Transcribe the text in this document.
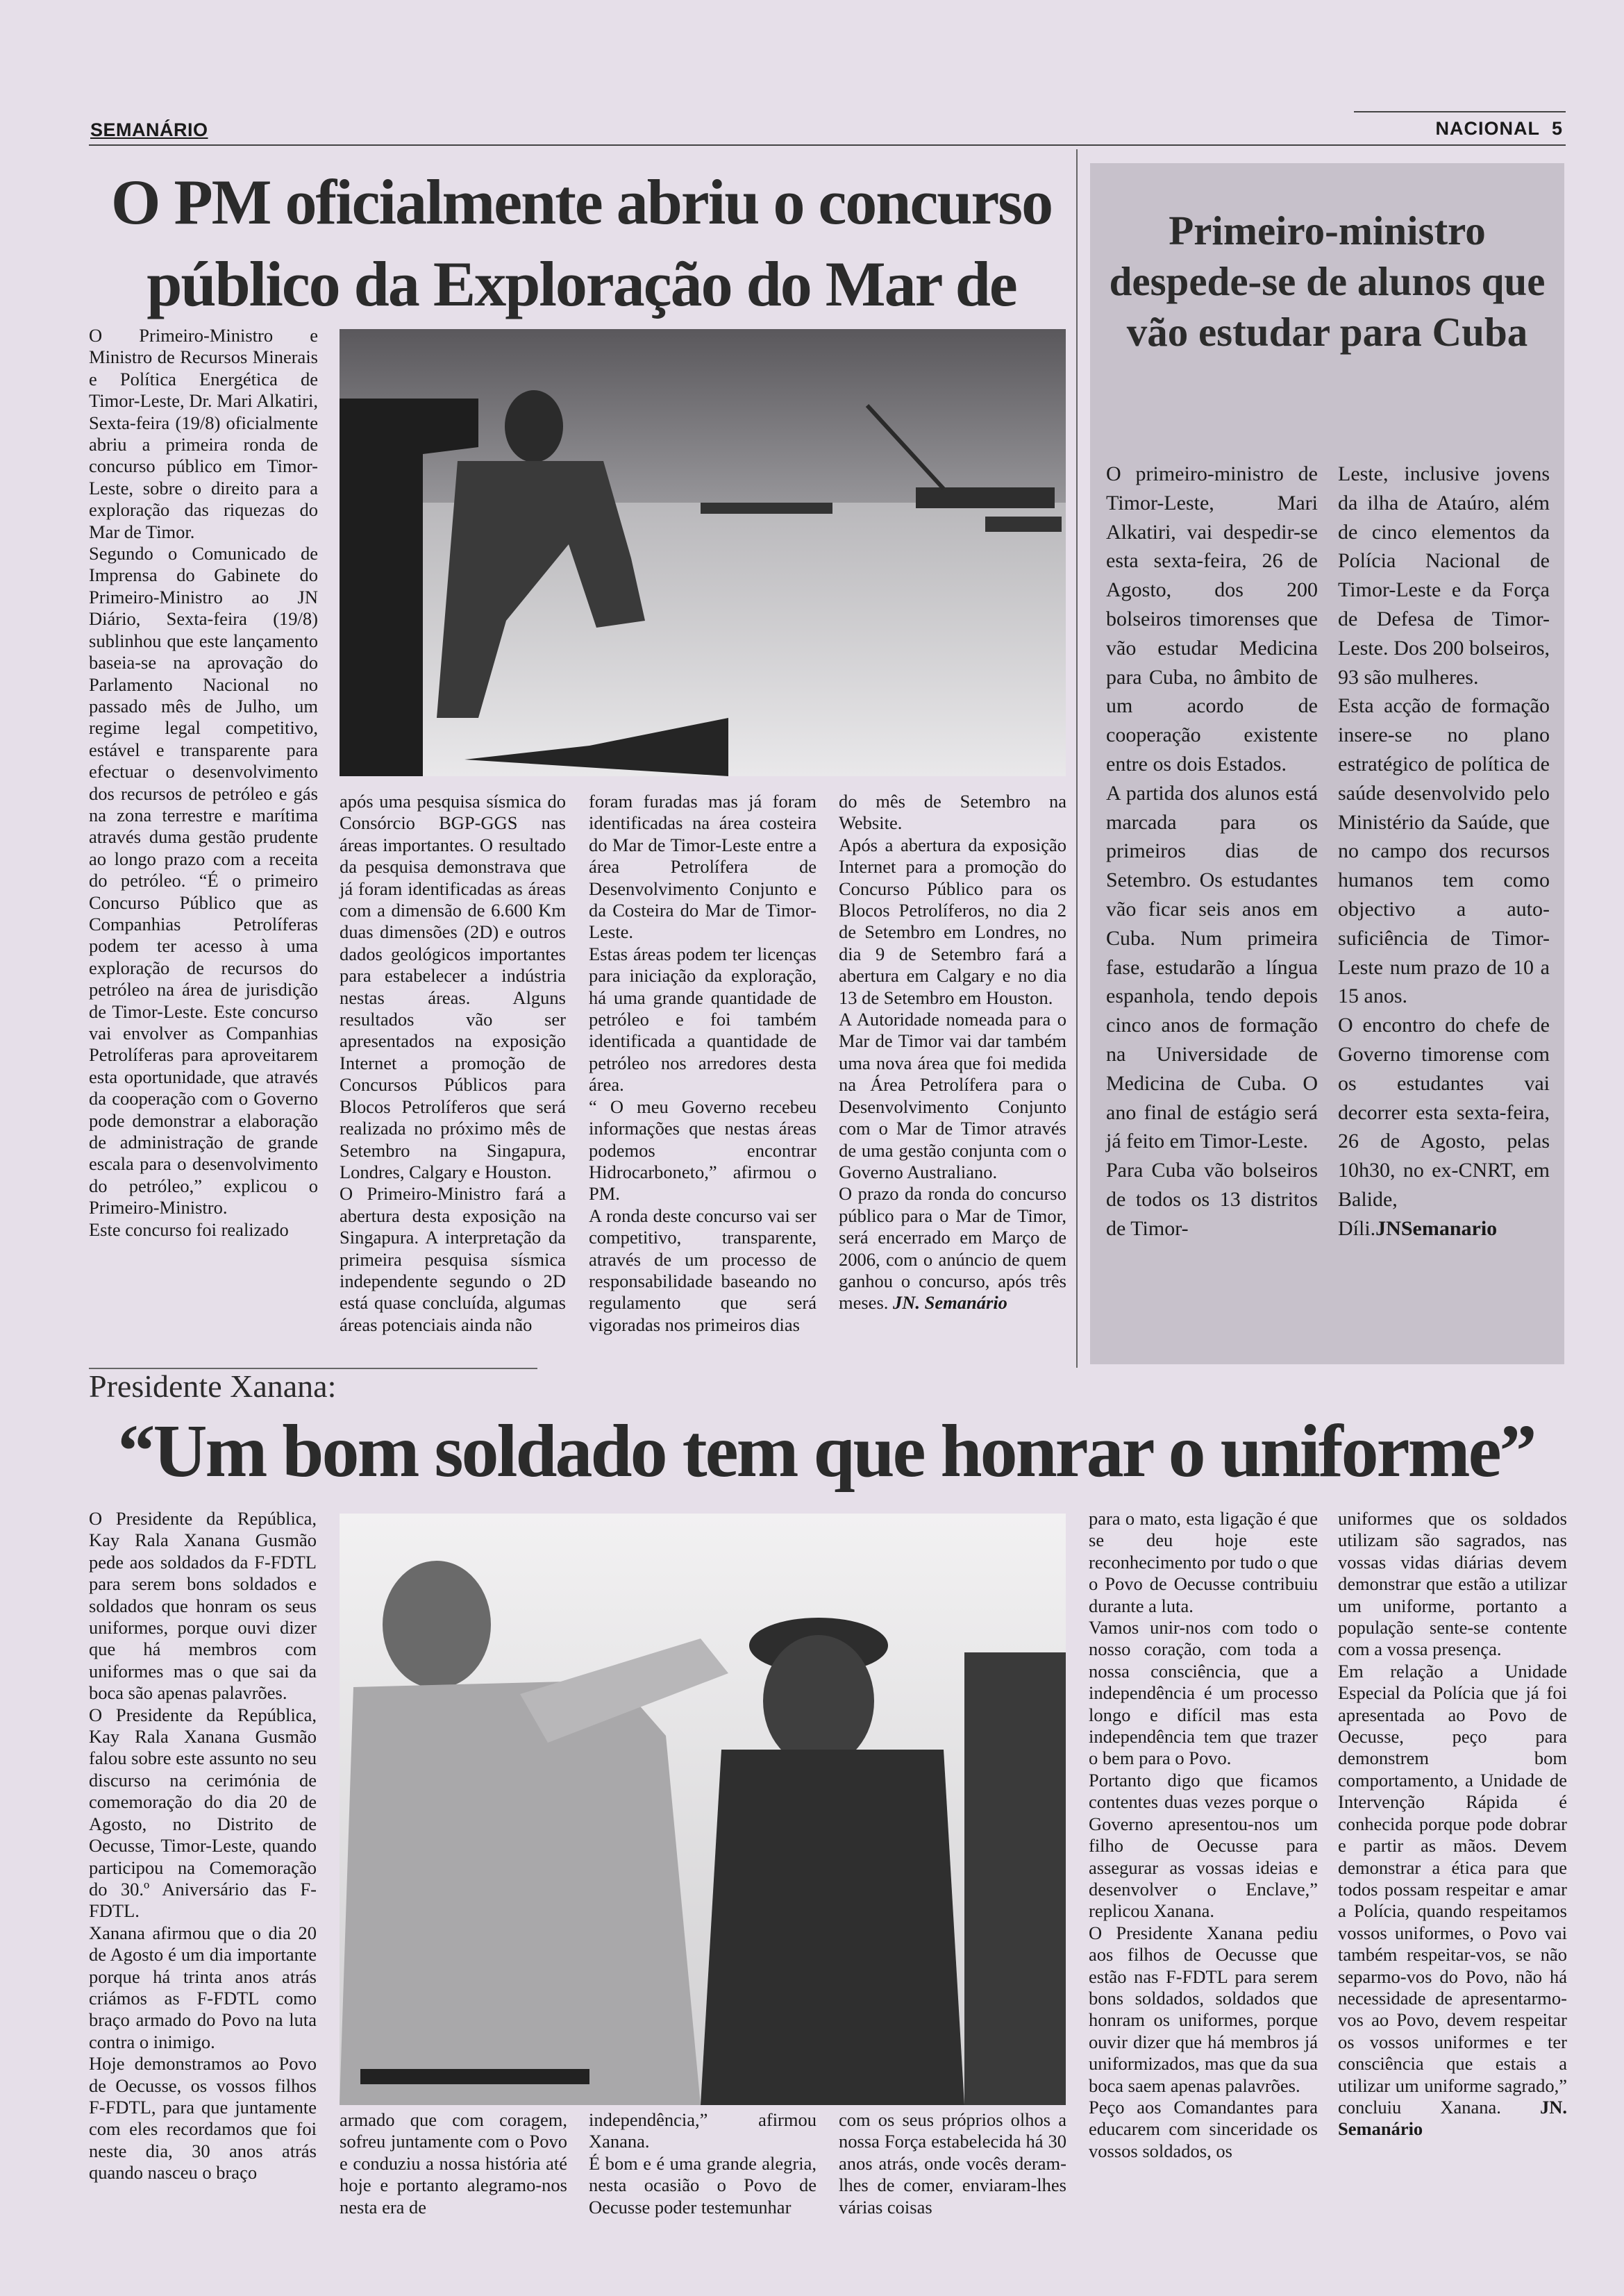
SEMANÁRIO	NACIONAL 5
O PM oficialmente abriu o concurso público da Exploração do Mar de

O Primeiro-Ministro e Ministro de Recursos Minerais e Política Energética de Timor-Leste, Dr. Mari Alkatiri, Sexta-feira (19/8) oficialmente abriu a primeira ronda de concurso público em Timor-Leste, sobre o direito para a exploração das riquezas do Mar de Timor.

Segundo o Comunicado de Imprensa do Gabinete do Primeiro-Ministro ao JN Diário, Sexta-feira (19/8) sublinhou que este lançamento baseia-se na aprovação do Parlamento Nacional no passado mês de Julho, um regime legal competitivo, estável e transparente para efectuar o desenvolvimento dos recursos de petróleo e gás na zona terrestre e marítima através duma gestão prudente ao longo prazo com a receita do petróleo. “É o primeiro Concurso Público que as Companhias Petrolíferas podem ter acesso à uma exploração de recursos do petróleo na área de jurisdição de Timor-Leste. Este concurso vai envolver as Companhias Petrolíferas para aproveitarem esta oportunidade, que através da cooperação com o Governo pode demonstrar a elaboração de administração de grande escala para o desenvolvimento do petróleo,” explicou o Primeiro-Ministro.

Este concurso foi realizado

após uma pesquisa sísmica do Consórcio BGP-GGS nas áreas importantes. O resultado da pesquisa demonstrava que já foram identificadas as áreas com a dimensão de 6.600 Km duas dimensões (2D) e outros dados geológicos importantes para estabelecer a indústria nestas áreas. Alguns resultados vão ser apresentados na exposição Internet a promoção de Concursos Públicos para Blocos Petrolíferos que será realizada no próximo mês de Setembro na Singapura, Londres, Calgary e Houston.

O Primeiro-Ministro fará a abertura desta exposição na Singapura. A interpretação da primeira pesquisa sísmica independente segundo o 2D está quase concluída, algumas áreas potenciais ainda não

foram furadas mas já foram identificadas na área costeira do Mar de Timor-Leste entre a área Petrolífera de Desenvolvimento Conjunto e da Costeira do Mar de Timor-Leste.

Estas áreas podem ter licenças para iniciação da exploração, há uma grande quantidade de petróleo e foi também identificada a quantidade de petróleo nos arredores desta área.

“ O meu Governo recebeu informações que nestas áreas podemos encontrar Hidrocarboneto,” afirmou o PM.

A ronda deste concurso vai ser competitivo, transparente, através de um processo de responsabilidade baseando no regulamento que será vigoradas nos primeiros dias

do mês de Setembro na Website.

Após a abertura da exposição Internet para a promoção do Concurso Público para os Blocos Petrolíferos, no dia 2 de Setembro em Londres, no dia 9 de Setembro fará a abertura em Calgary e no dia 13 de Setembro em Houston.

A Autoridade nomeada para o Mar de Timor vai dar também uma nova área que foi medida na Área Petrolífera para o Desenvolvimento Conjunto com o Mar de Timor através de uma gestão conjunta com o Governo Australiano.

O prazo da ronda do concurso público para o Mar de Timor, será encerrado em Março de 2006, com o anúncio de quem ganhou o concurso, após três meses. JN. Semanário

Primeiro-ministro despede-se de alunos que vão estudar para Cuba

O primeiro-ministro de Timor-Leste, Mari Alkatiri, vai despedir-se esta sexta-feira, 26 de Agosto, dos 200 bolseiros timorenses que vão estudar Medicina para Cuba, no âmbito de um acordo de cooperação existente entre os dois Estados.

A partida dos alunos está marcada para os primeiros dias de Setembro. Os estudantes vão ficar seis anos em Cuba. Num primeira fase, estudarão a língua espanhola, tendo depois cinco anos de formação na Universidade de Medicina de Cuba. O ano final de estágio será já feito em Timor-Leste.

Para Cuba vão bolseiros de todos os 13 distritos de Timor-

Leste, inclusive jovens da ilha de Ataúro, além de cinco elementos da Polícia Nacional de Timor-Leste e da Força de Defesa de Timor-Leste. Dos 200 bolseiros, 93 são mulheres.

Esta acção de formação insere-se no plano estratégico de política de saúde desenvolvido pelo Ministério da Saúde, que no campo dos recursos humanos tem como objectivo a auto-suficiência de Timor-Leste num prazo de 10 a 15 anos.

O encontro do chefe de Governo timorense com os estudantes vai decorrer esta sexta-feira, 26 de Agosto, pelas 10h30, no ex-CNRT, em Balide, Díli.JNSemanario

Presidente Xanana:
“Um bom soldado tem que honrar o uniforme”

O Presidente da República, Kay Rala Xanana Gusmão pede aos soldados da F-FDTL para serem bons soldados e soldados que honram os seus uniformes, porque ouvi dizer que há membros com uniformes mas o que sai da boca são apenas palavrões.

O Presidente da República, Kay Rala Xanana Gusmão falou sobre este assunto no seu discurso na cerimónia de comemoração do dia 20 de Agosto, no Distrito de Oecusse, Timor-Leste, quando participou na Comemoração do 30.º Aniversário das F-FDTL.

Xanana afirmou que o dia 20 de Agosto é um dia importante porque há trinta anos atrás criámos as F-FDTL como braço armado do Povo na luta contra o inimigo.

Hoje demonstramos ao Povo de Oecusse, os vossos filhos F-FDTL, para que juntamente com eles recordamos que foi neste dia, 30 anos atrás quando nasceu o braço

armado que com coragem, sofreu juntamente com o Povo e conduziu a nossa história até hoje e portanto alegramo-nos nesta era de

independência,” afirmou Xanana.

É bom e é uma grande alegria, nesta ocasião o Povo de Oecusse poder testemunhar

com os seus próprios olhos a nossa Força estabelecida há 30 anos atrás, onde vocês deram-lhes de comer, enviaram-lhes várias coisas

para o mato, esta ligação é que se deu hoje este reconhecimento por tudo o que o Povo de Oecusse contribuiu durante a luta.

Vamos unir-nos com todo o nosso coração, com toda a nossa consciência, que a independência é um processo longo e difícil mas esta independência tem que trazer o bem para o Povo.

Portanto digo que ficamos contentes duas vezes porque o Governo apresentou-nos um filho de Oecusse para assegurar as vossas ideias e desenvolver o Enclave,” replicou Xanana.

O Presidente Xanana pediu aos filhos de Oecusse que estão nas F-FDTL para serem bons soldados, soldados que honram os uniformes, porque ouvir dizer que há membros já uniformizados, mas que da sua boca saem apenas palavrões.

Peço aos Comandantes para educarem com sinceridade os vossos soldados, os

uniformes que os soldados utilizam são sagrados, nas vossas vidas diárias devem demonstrar que estão a utilizar um uniforme, portanto a população sente-se contente com a vossa presença.

Em relação a Unidade Especial da Polícia que já foi apresentada ao Povo de Oecusse, peço para demonstrem bom comportamento, a Unidade de Intervenção Rápida é conhecida porque pode dobrar e partir as mãos. Devem demonstrar a ética para que todos possam respeitar e amar a Polícia, quando respeitamos vossos uniformes, o Povo vai também respeitar-vos, se não separmo-vos do Povo, não há necessidade de apresentarmo-vos ao Povo, devem respeitar os vossos uniformes e ter consciência que estais a utilizar um uniforme sagrado,” concluiu Xanana. JN. Semanário
